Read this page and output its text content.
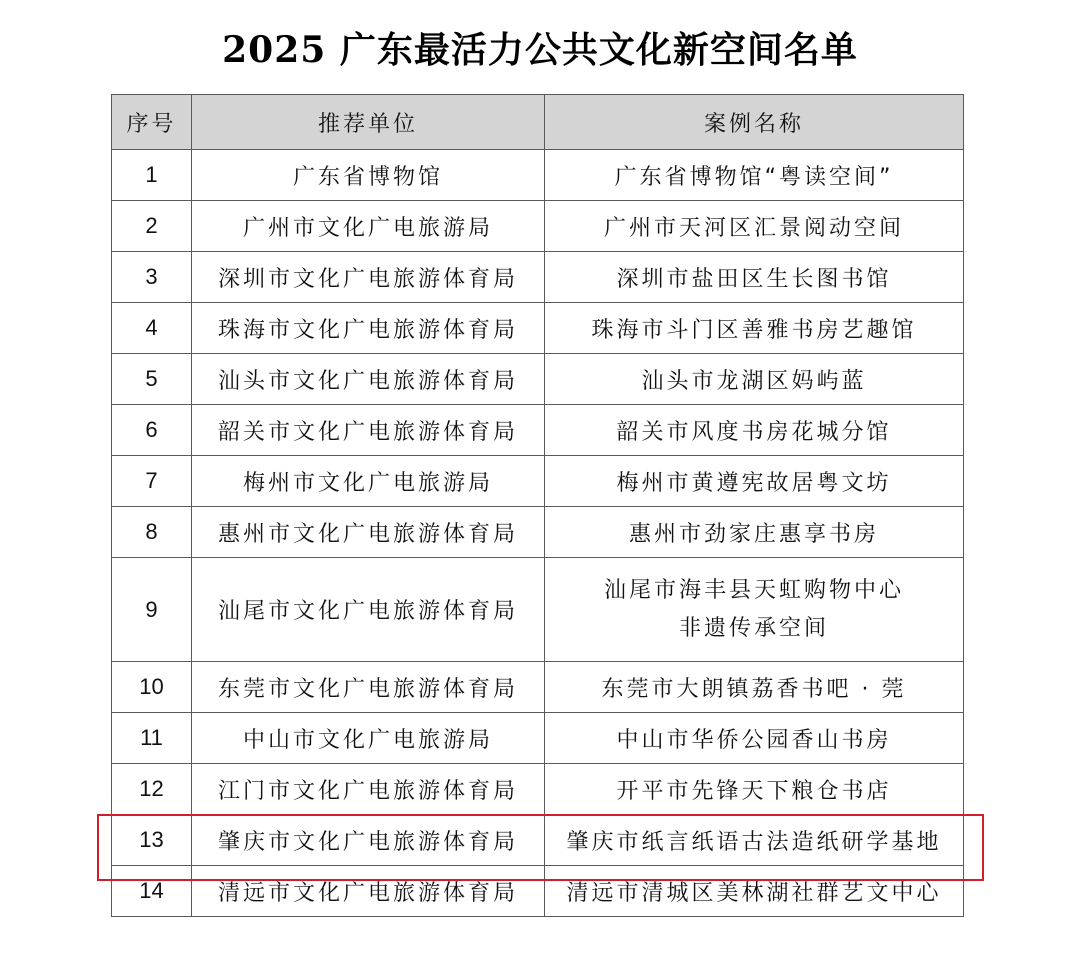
2025 广东最活力公共文化新空间名单
序号	推荐单位	案例名称
1	广东省博物馆	广东省博物馆“粤读空间”
2	广州市文化广电旅游局	广州市天河区汇景阅动空间
3	深圳市文化广电旅游体育局	深圳市盐田区生长图书馆
4	珠海市文化广电旅游体育局	珠海市斗门区善雅书房艺趣馆
5	汕头市文化广电旅游体育局	汕头市龙湖区妈屿蓝
6	韶关市文化广电旅游体育局	韶关市风度书房花城分馆
7	梅州市文化广电旅游局	梅州市黄遵宪故居粤文坊
8	惠州市文化广电旅游体育局	惠州市劲家庄惠享书房
9	汕尾市文化广电旅游体育局	汕尾市海丰县天虹购物中心
非遗传承空间

10	东莞市文化广电旅游体育局	东莞市大朗镇荔香书吧 · 莞
11	中山市文化广电旅游局	中山市华侨公园香山书房
12	江门市文化广电旅游体育局	开平市先锋天下粮仓书店
13	肇庆市文化广电旅游体育局	肇庆市纸言纸语古法造纸研学基地
14	清远市文化广电旅游体育局	清远市清城区美林湖社群艺文中心
